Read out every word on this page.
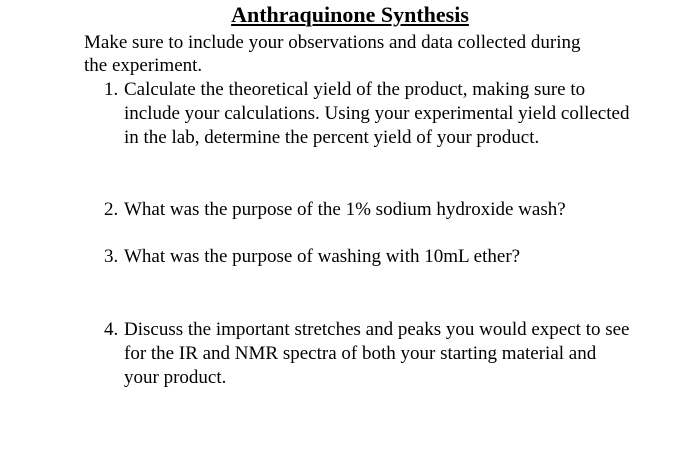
Anthraquinone Synthesis
Make sure to include your observations and data collected during the experiment.
1. Calculate the theoretical yield of the product, making sure to include your calculations. Using your experimental yield collected in the lab, determine the percent yield of your product.
2. What was the purpose of the 1% sodium hydroxide wash?
3. What was the purpose of washing with 10mL ether?
4. Discuss the important stretches and peaks you would expect to see for the IR and NMR spectra of both your starting material and your product.
